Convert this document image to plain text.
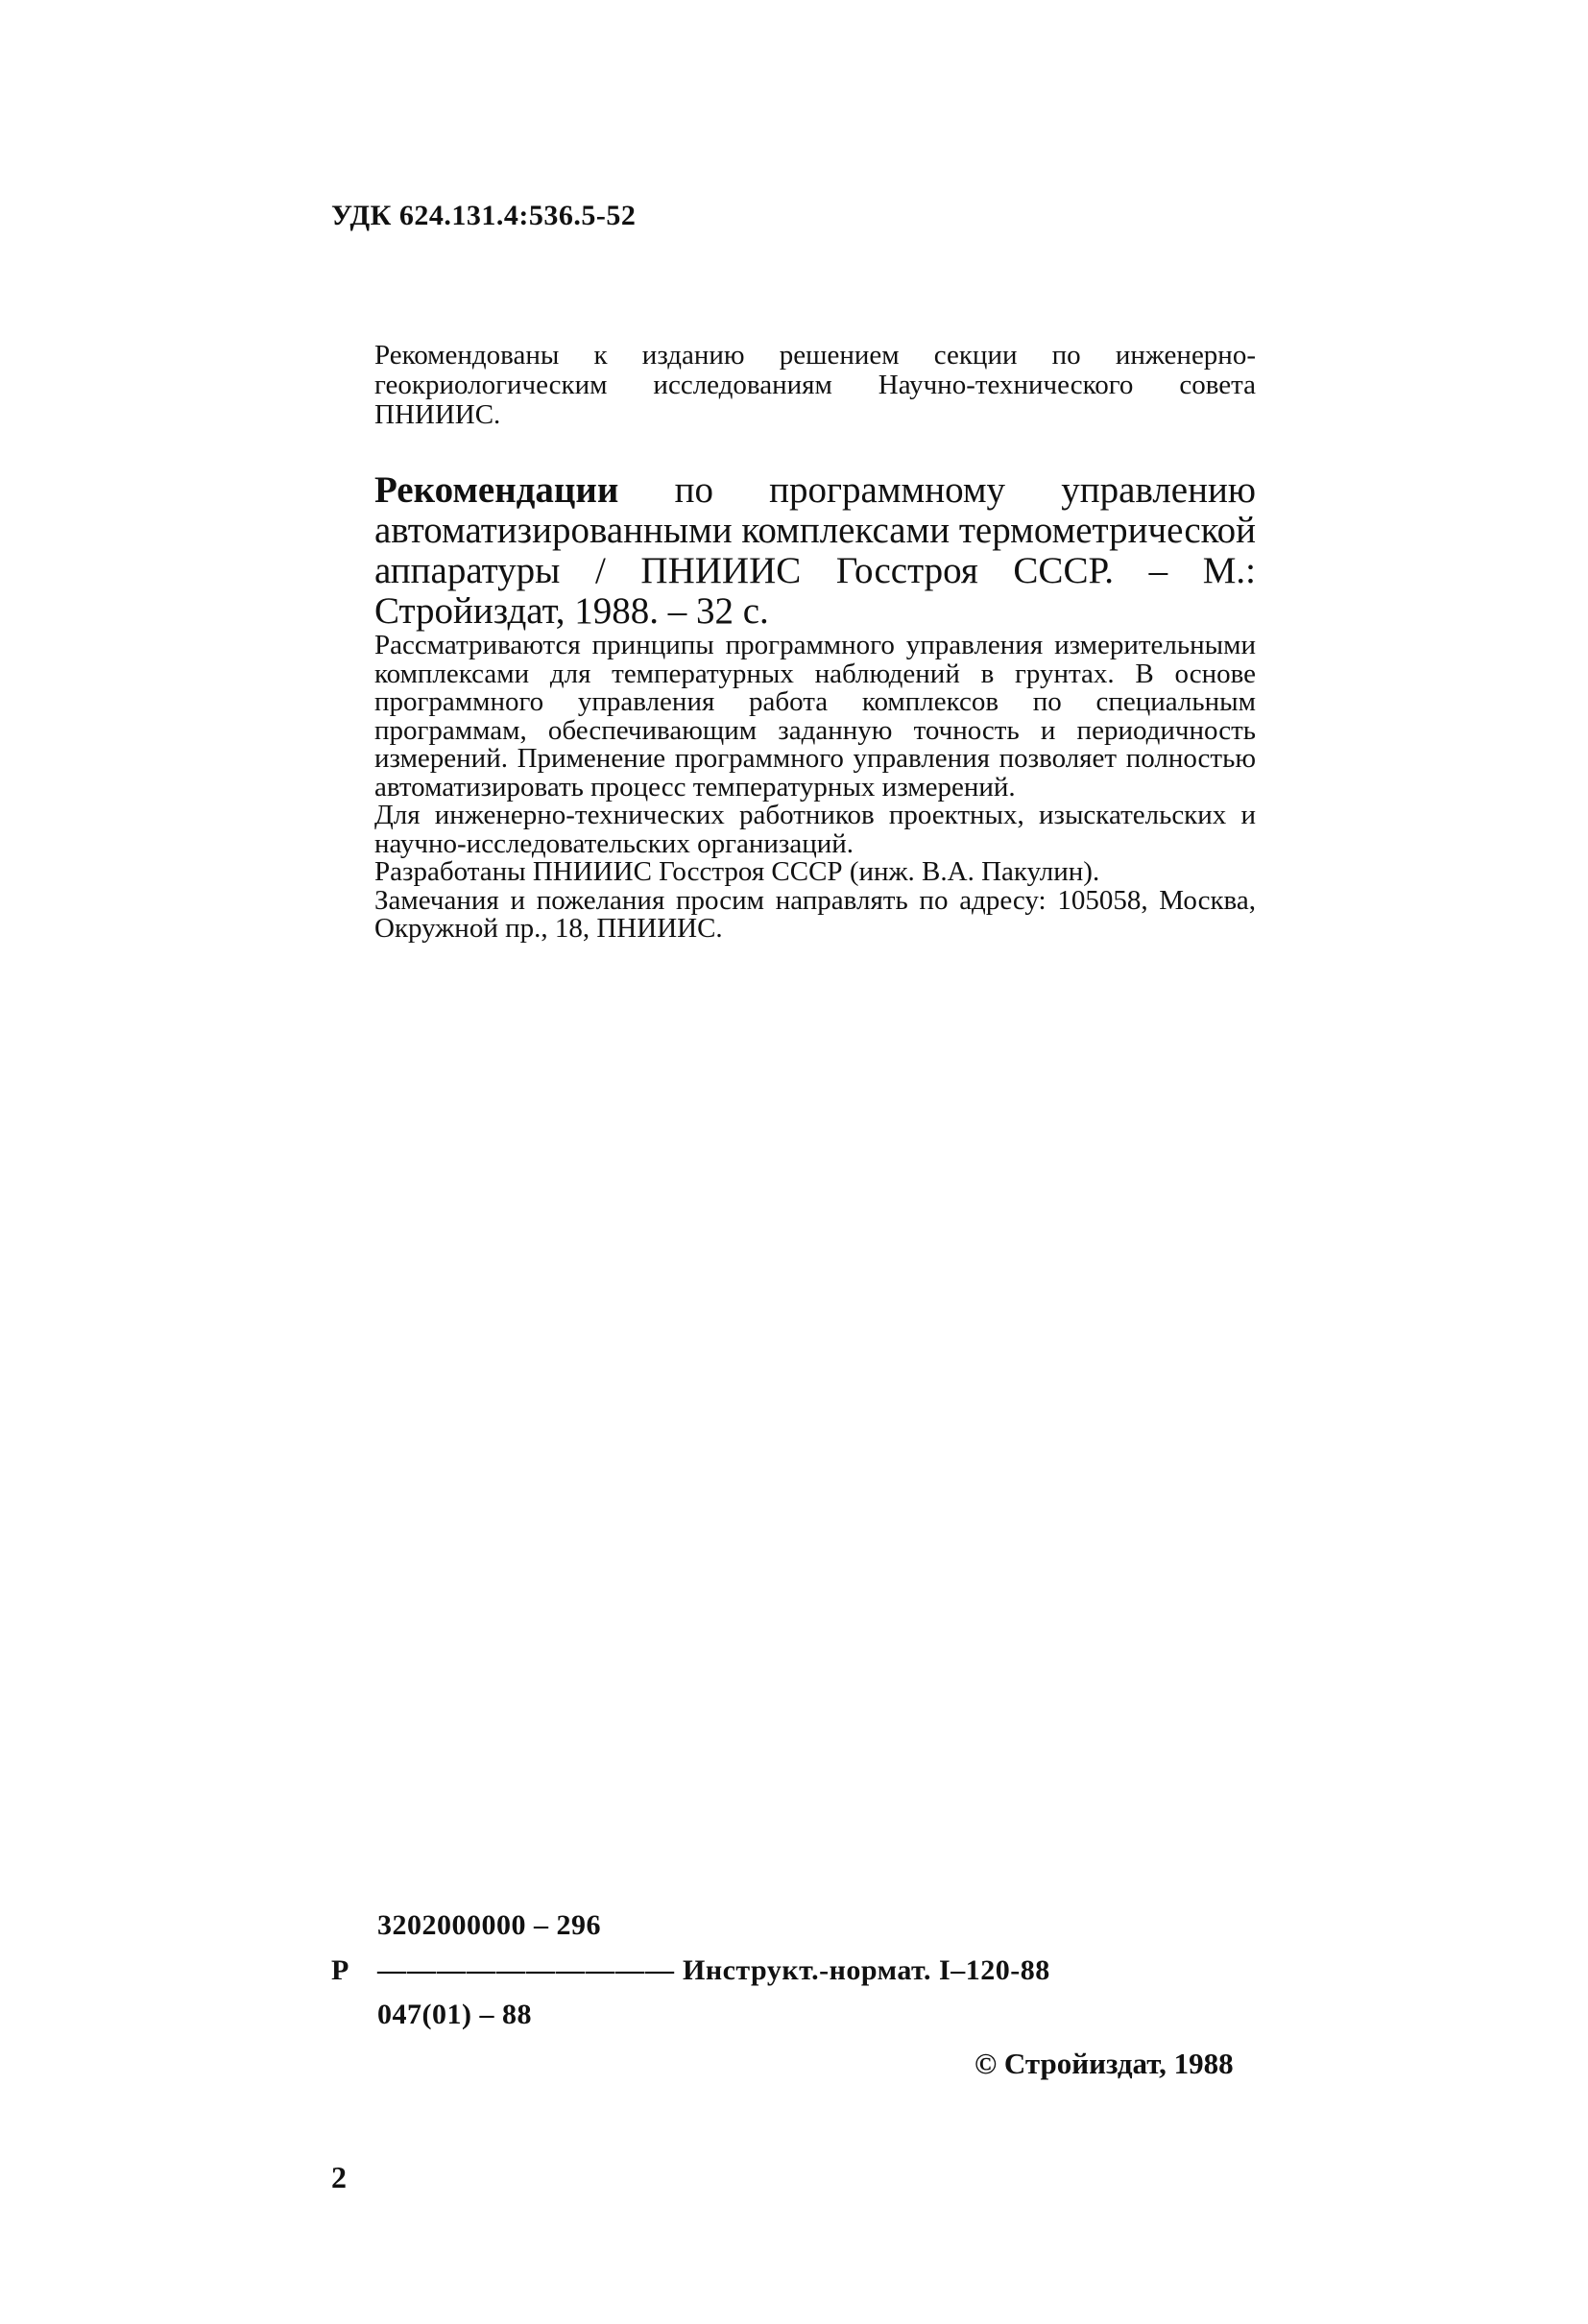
УДК 624.131.4:536.5-52

Рекомендованы к изданию решением секции по инженерно-геокриологическим исследованиям Научно-технического совета ПНИИИС.

Рекомендации по программному управлению автоматизированными комплексами термометрической аппаратуры / ПНИИИС Госстроя СССР. – М.: Стройиздат, 1988. – 32 с.

Рассматриваются принципы программного управления измерительными комплексами для температурных наблюдений в грунтах. В основе программного управления работа комплексов по специальным программам, обеспечивающим заданную точность и периодичность измерений. Применение программного управления позволяет полностью автоматизировать процесс температурных измерений.

Для инженерно-технических работников проектных, изыскательских и научно-исследовательских организаций.

Разработаны ПНИИИС Госстроя СССР (инж. В.А. Пакулин).

Замечания и пожелания просим направлять по адресу: 105058, Москва, Окружной пр., 18, ПНИИИС.

3202000000 – 296
Р —————————— Инструкт.-нормат. I–120-88
047(01) – 88
© Стройиздат, 1988
2
